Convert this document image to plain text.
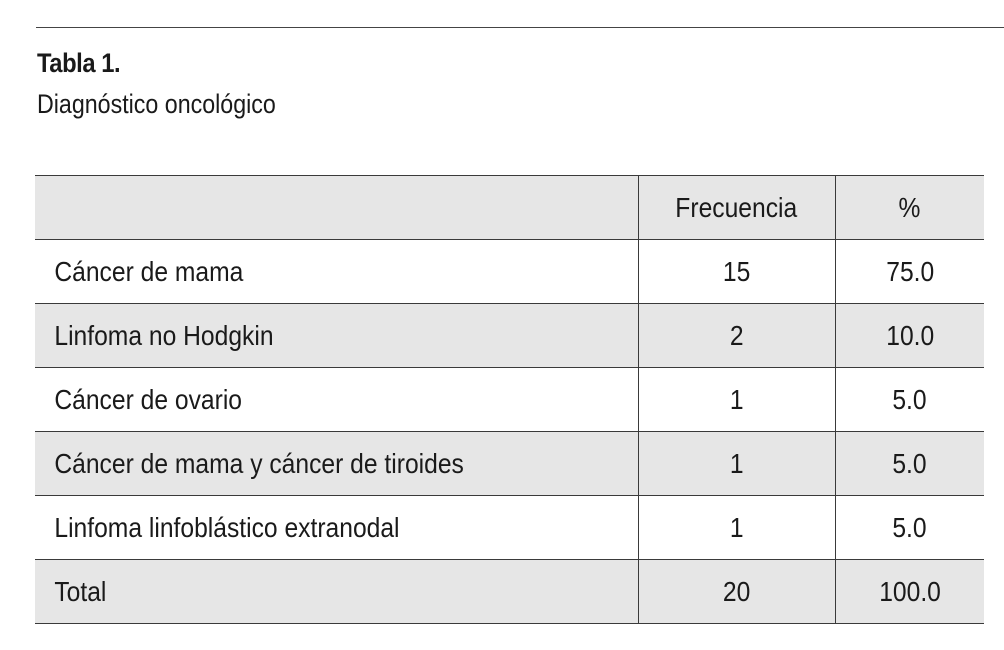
Tabla 1.
Diagnóstico oncológico
	Frecuencia	%
Cáncer de mama	15	75.0
Linfoma no Hodgkin	2	10.0
Cáncer de ovario	1	5.0
Cáncer de mama y cáncer de tiroides	1	5.0
Linfoma linfoblástico extranodal	1	5.0
Total	20	100.0
